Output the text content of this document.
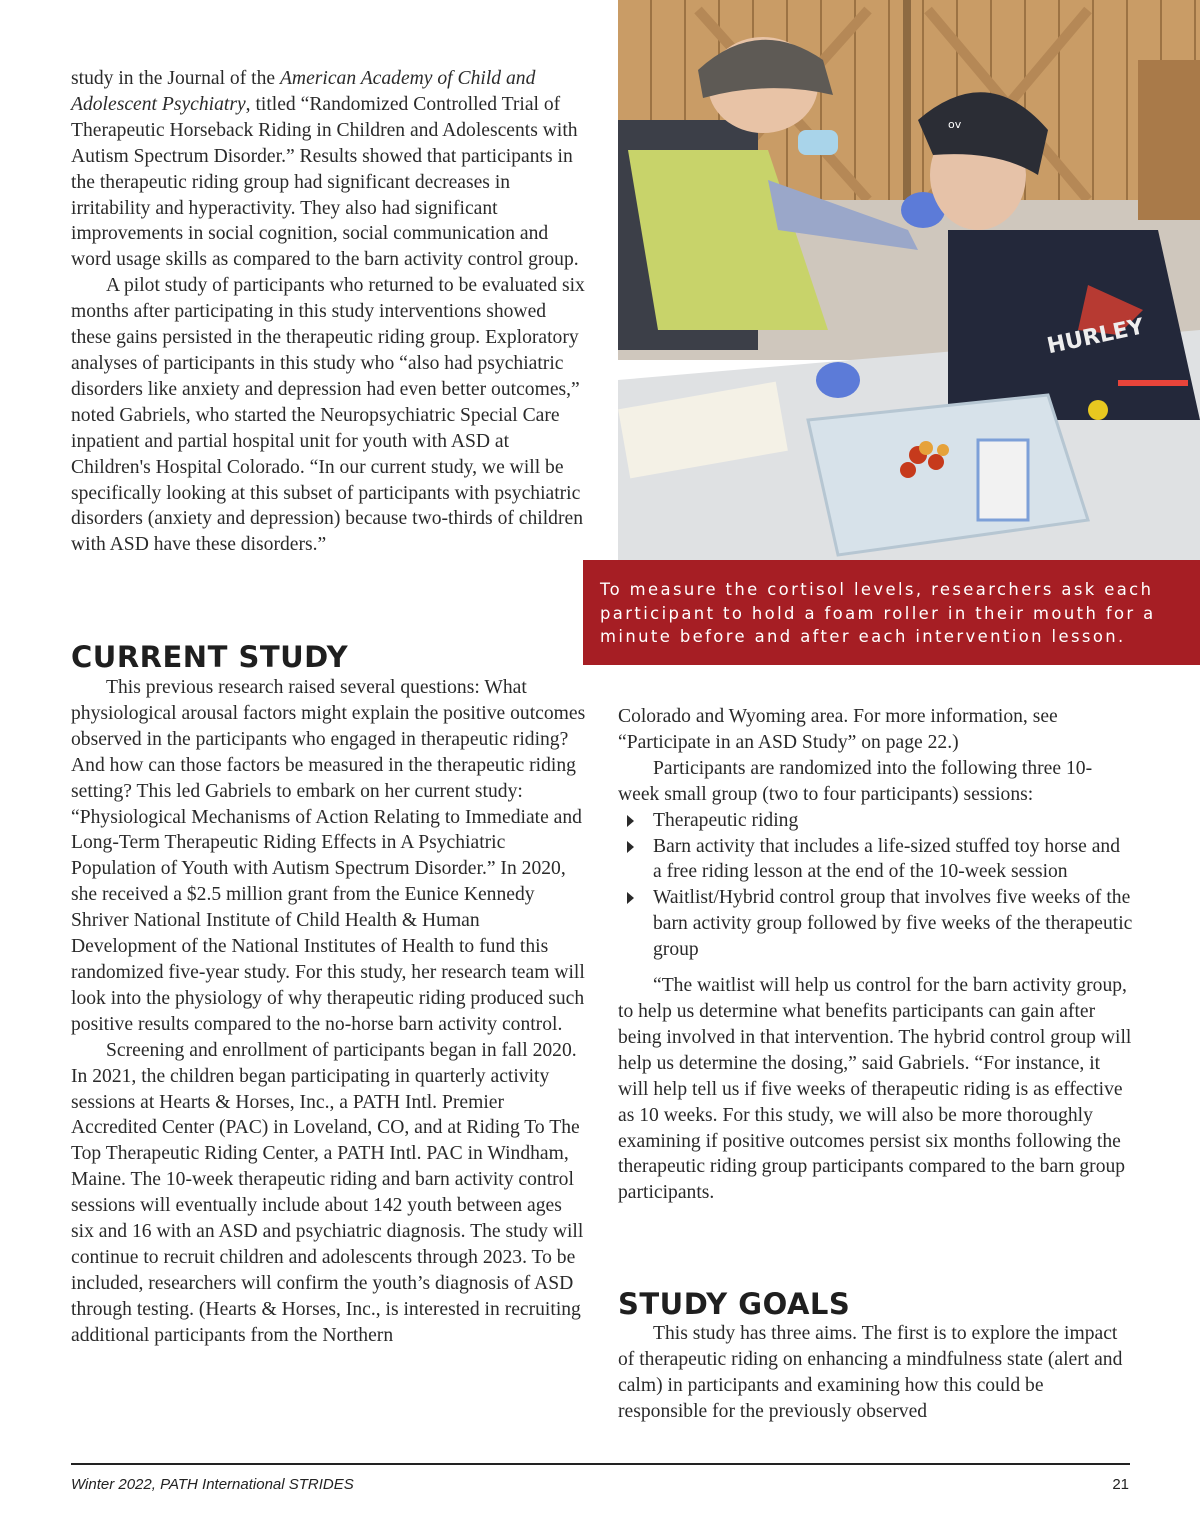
study in the Journal of the American Academy of Child and Adolescent Psychiatry, titled “Randomized Controlled Trial of Therapeutic Horseback Riding in Children and Adolescents with Autism Spectrum Disorder.” Results showed that participants in the therapeutic riding group had significant decreases in irritability and hyperactivity. They also had significant improvements in social cognition, social communication and word usage skills as compared to the barn activity control group.

A pilot study of participants who returned to be evaluated six months after participating in this study interventions showed these gains persisted in the therapeutic riding group. Exploratory analyses of participants in this study who “also had psychiatric disorders like anxiety and depression had even better outcomes,” noted Gabriels, who started the Neuropsychiatric Special Care inpatient and partial hospital unit for youth with ASD at Children's Hospital Colorado. “In our current study, we will be specifically looking at this subset of participants with psychiatric disorders (anxiety and depression) because two-thirds of children with ASD have these disorders.”

CURRENT STUDY

This previous research raised several questions: What physiological arousal factors might explain the positive outcomes observed in the participants who engaged in therapeutic riding? And how can those factors be measured in the therapeutic riding setting? This led Gabriels to embark on her current study: “Physiological Mechanisms of Action Relating to Immediate and Long-Term Therapeutic Riding Effects in A Psychiatric Population of Youth with Autism Spectrum Disorder.” In 2020, she received a $2.5 million grant from the Eunice Kennedy Shriver National Institute of Child Health & Human Development of the National Institutes of Health to fund this randomized five-year study. For this study, her research team will look into the physiology of why therapeutic riding produced such positive results compared to the no-horse barn activity control.

Screening and enrollment of participants began in fall 2020. In 2021, the children began participating in quarterly activity sessions at Hearts & Horses, Inc., a PATH Intl. Premier Accredited Center (PAC) in Loveland, CO, and at Riding To The Top Therapeutic Riding Center, a PATH Intl. PAC in Windham, Maine. The 10-week therapeutic riding and barn activity control sessions will eventually include about 142 youth between ages six and 16 with an ASD and psychiatric diagnosis. The study will continue to recruit children and adolescents through 2023. To be included, researchers will confirm the youth’s diagnosis of ASD through testing. (Hearts & Horses, Inc., is interested in recruiting additional participants from the Northern

ov
HURLEY
To measure the cortisol levels, researchers ask each participant to hold a foam roller in their mouth for a minute before and after each intervention lesson.

Colorado and Wyoming area. For more information, see “Participate in an ASD Study” on page 22.)

Participants are randomized into the following three 10-week small group (two to four participants) sessions:

Therapeutic riding
Barn activity that includes a life-sized stuffed toy horse and a free riding lesson at the end of the 10-week session
Waitlist/Hybrid control group that involves five weeks of the barn activity group followed by five weeks of the therapeutic group

“The waitlist will help us control for the barn activity group, to help us determine what benefits participants can gain after being involved in that intervention. The hybrid control group will help us determine the dosing,” said Gabriels. “For instance, it will help tell us if five weeks of therapeutic riding is as effective as 10 weeks. For this study, we will also be more thoroughly examining if positive outcomes persist six months following the therapeutic riding group participants compared to the barn group participants.

STUDY GOALS

This study has three aims. The first is to explore the impact of therapeutic riding on enhancing a mindfulness state (alert and calm) in participants and examining how this could be responsible for the previously observed

Winter 2022, PATH International STRIDES	21
